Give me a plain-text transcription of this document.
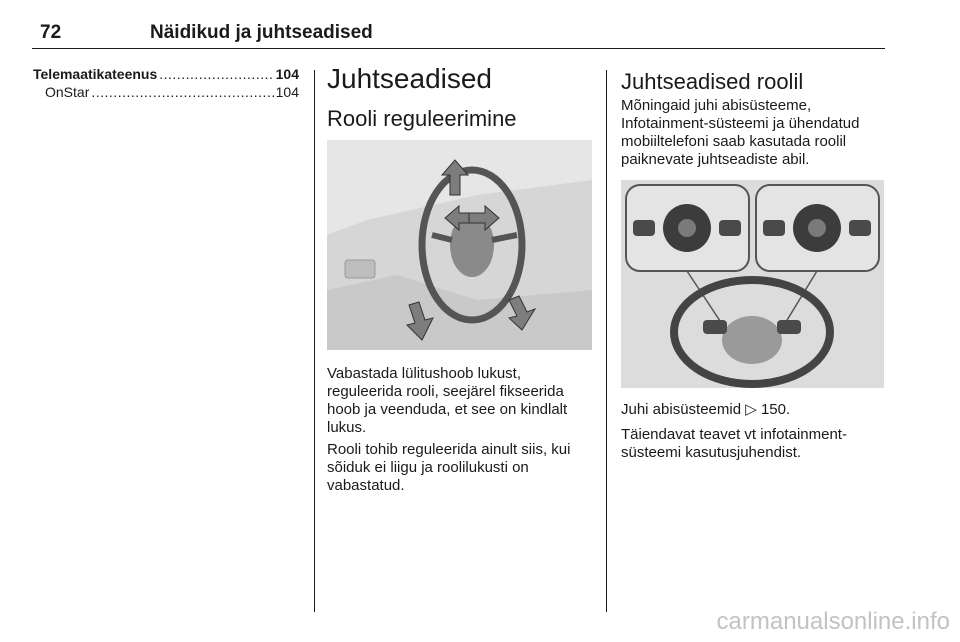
72	Näidikud ja juhtseadised
Telemaatikateenus .....	104
OnStar .....	104 Juhtseadised
Rooli reguleerimine

Vabastada lülitushoob lukust, reguleerida rooli, seejärel fikseerida hoob ja veenduda, et see on kindlalt lukus.

Rooli tohib reguleerida ainult siis, kui sõiduk ei liigu ja roolilukusti on vabastatud.

Juhtseadised roolil

Mõningaid juhi abisüsteeme, Infotainment-süsteemi ja ühendatud mobiiltelefoni saab kasutada roolil paiknevate juhtseadiste abil.

Juhi abisüsteemid ▷ 150.

Täiendavat teavet vt infotainment-süsteemi kasutusjuhendist.

carmanualsonline.info
